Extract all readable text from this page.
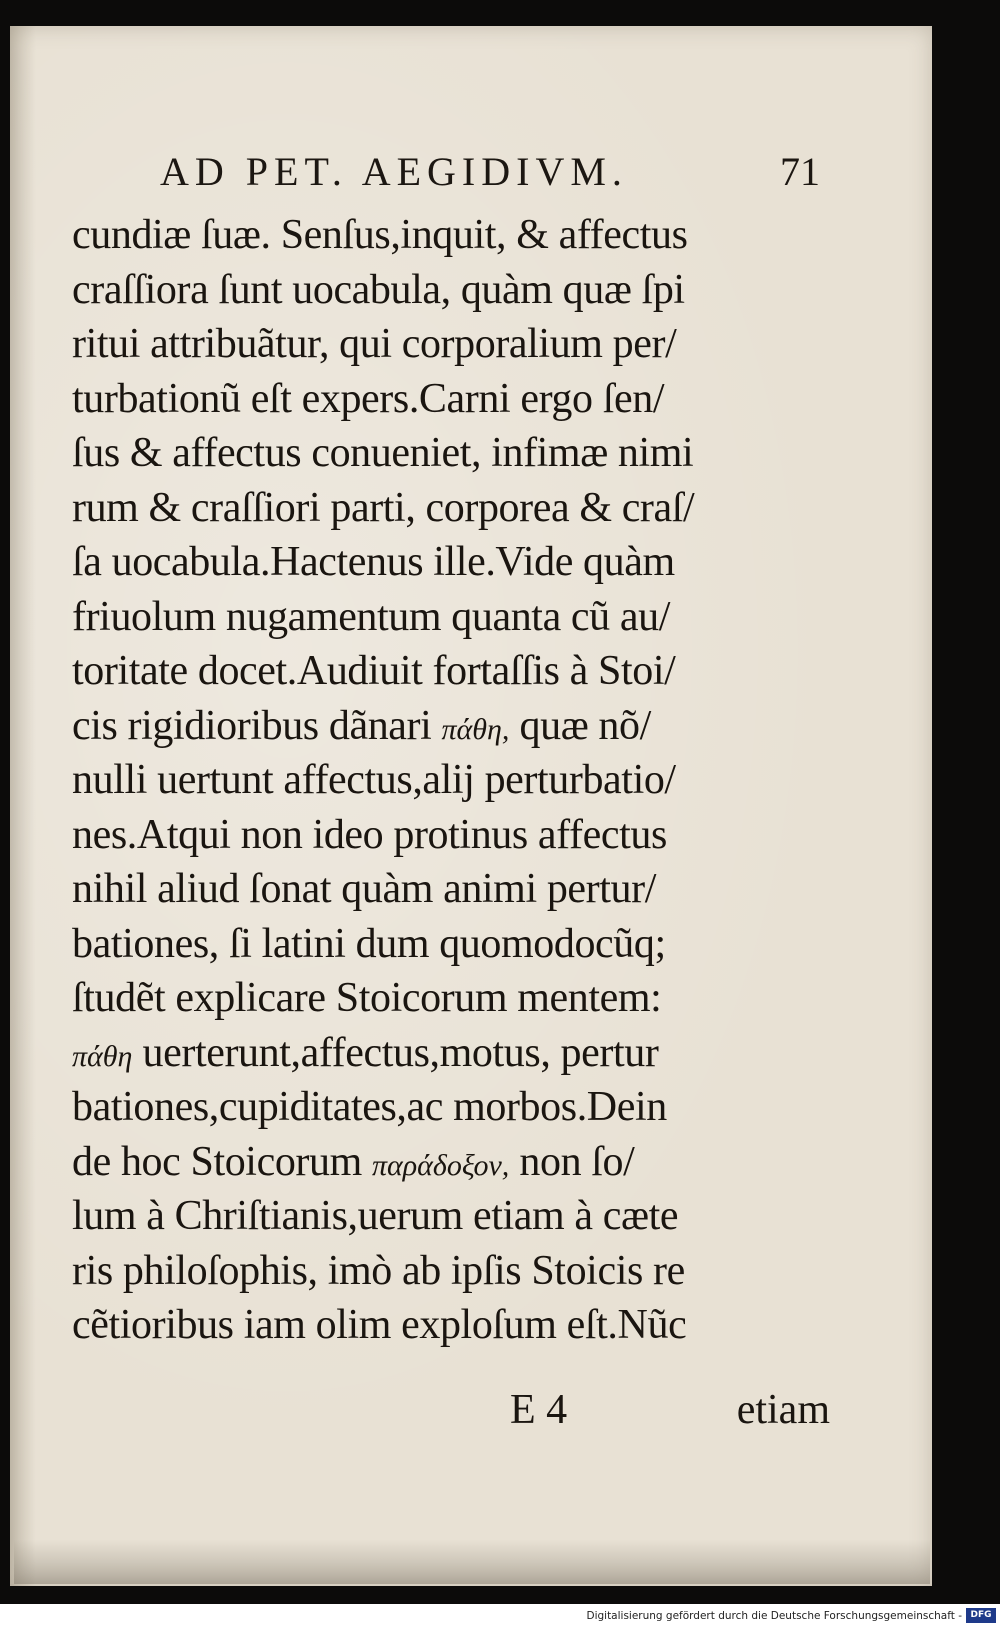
AD PET. AEGIDIVM.	71
cundiæ ſuæ. Senſus,inquit, & affectus
craſſiora ſunt uocabula, quàm quæ ſpi
ritui attribuãtur, qui corporalium per/
turbationũ eſt expers.Carni ergo ſen/
ſus & affectus conueniet, infimæ nimi
rum & craſſiori parti, corporea & craſ/
ſa uocabula.Hactenus ille.Vide quàm
friuolum nugamentum quanta cũ au/
toritate docet.Audiuit fortaſſis à Stoi/
cis rigidioribus dãnari πάθη, quæ nõ/
nulli uertunt affectus,alij perturbatio/
nes.Atqui non ideo protinus affectus
nihil aliud ſonat quàm animi pertur/
bationes, ſi latini dum quomodocũq;
ſtudẽt explicare Stoicorum mentem:
πάθη uerterunt,affectus,motus, pertur
bationes,cupiditates,ac morbos.Dein
de hoc Stoicorum παράδοξον, non ſo/
lum à Chriſtianis,uerum etiam à cæte
ris philoſophis, imò ab ipſis Stoicis re
cẽtioribus iam olim exploſum eſt.Nũc
E 4	etiam
Digitalisierung gefördert durch die Deutsche Forschungsgemeinschaft - DFG
